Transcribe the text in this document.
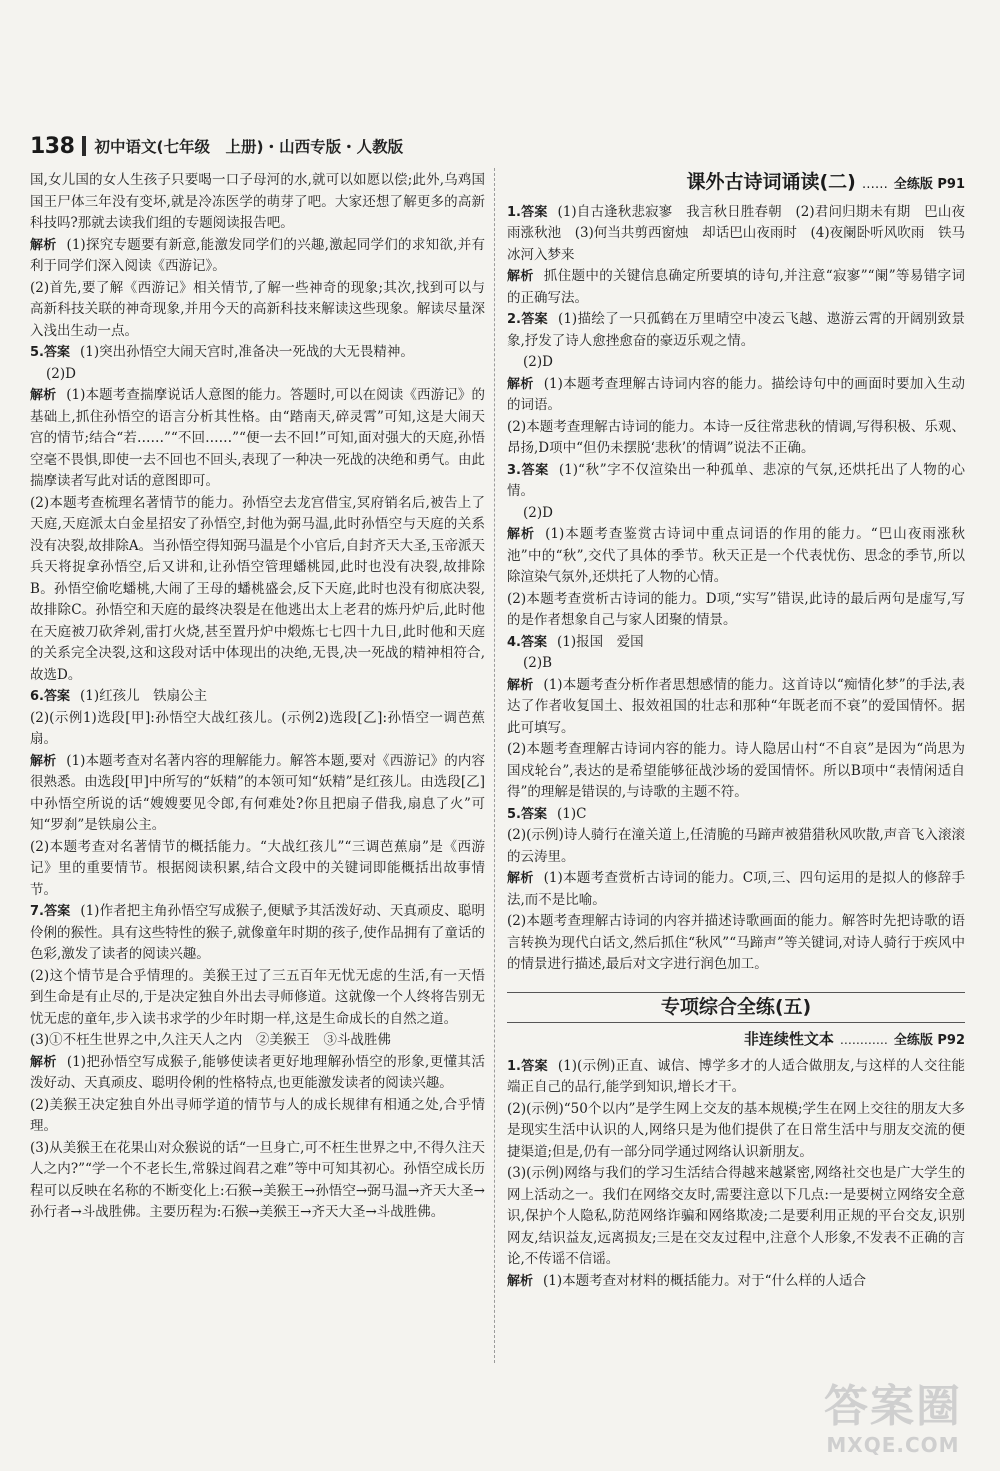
138 初中语文(七年级　上册)・山西专版・人教版

国,女儿国的女人生孩子只要喝一口子母河的水,就可以如愿以偿;此外,乌鸡国国王尸体三年没有变坏,就是冷冻医学的萌芽了吧。大家还想了解更多的高新科技吗?那就去读我们组的专题阅读报告吧。

解析 (1)探究专题要有新意,能激发同学们的兴趣,激起同学们的求知欲,并有利于同学们深入阅读《西游记》。

(2)首先,要了解《西游记》相关情节,了解一些神奇的现象;其次,找到可以与高新科技关联的神奇现象,并用今天的高新科技来解读这些现象。解读尽量深入浅出生动一点。

5.答案 (1)突出孙悟空大闹天宫时,准备决一死战的大无畏精神。

(2)D

解析 (1)本题考查揣摩说话人意图的能力。答题时,可以在阅读《西游记》的基础上,抓住孙悟空的语言分析其性格。由“踏南天,碎灵霄”可知,这是大闹天宫的情节;结合“若……”“不回……”“便一去不回!”可知,面对强大的天庭,孙悟空毫不畏惧,即使一去不回也不回头,表现了一种决一死战的决绝和勇气。由此揣摩读者写此对话的意图即可。

(2)本题考查梳理名著情节的能力。孙悟空去龙宫借宝,冥府销名后,被告上了天庭,天庭派太白金星招安了孙悟空,封他为弼马温,此时孙悟空与天庭的关系没有决裂,故排除A。当孙悟空得知弼马温是个小官后,自封齐天大圣,玉帝派天兵天将捉拿孙悟空,后又讲和,让孙悟空管理蟠桃园,此时也没有决裂,故排除B。孙悟空偷吃蟠桃,大闹了王母的蟠桃盛会,反下天庭,此时也没有彻底决裂,故排除C。孙悟空和天庭的最终决裂是在他逃出太上老君的炼丹炉后,此时他在天庭被刀砍斧剁,雷打火烧,甚至置丹炉中煅炼七七四十九日,此时他和天庭的关系完全决裂,这和这段对话中体现出的决绝,无畏,决一死战的精神相符合,故选D。

6.答案 (1)红孩儿　铁扇公主

(2)(示例1)选段[甲]:孙悟空大战红孩儿。(示例2)选段[乙]:孙悟空一调芭蕉扇。

解析 (1)本题考查对名著内容的理解能力。解答本题,要对《西游记》的内容很熟悉。由选段[甲]中所写的“妖精”的本领可知“妖精”是红孩儿。由选段[乙]中孙悟空所说的话“嫂嫂要见令郎,有何难处?你且把扇子借我,扇息了火”可知“罗刹”是铁扇公主。

(2)本题考查对名著情节的概括能力。“大战红孩儿”“三调芭蕉扇”是《西游记》里的重要情节。根据阅读积累,结合文段中的关键词即能概括出故事情节。

7.答案 (1)作者把主角孙悟空写成猴子,便赋予其活泼好动、天真顽皮、聪明伶俐的猴性。具有这些特性的猴子,就像童年时期的孩子,使作品拥有了童话的色彩,激发了读者的阅读兴趣。

(2)这个情节是合乎情理的。美猴王过了三五百年无忧无虑的生活,有一天悟到生命是有止尽的,于是决定独自外出去寻师修道。这就像一个人终将告别无忧无虑的童年,步入读书求学的少年时期一样,这是生命成长的自然之道。

(3)①不枉生世界之中,久注天人之内　②美猴王　③斗战胜佛

解析 (1)把孙悟空写成猴子,能够使读者更好地理解孙悟空的形象,更懂其活泼好动、天真顽皮、聪明伶俐的性格特点,也更能激发读者的阅读兴趣。

(2)美猴王决定独自外出寻师学道的情节与人的成长规律有相通之处,合乎情理。

(3)从美猴王在花果山对众猴说的话“一旦身亡,可不枉生世界之中,不得久注天人之内?”“学一个不老长生,常躲过阎君之难”等中可知其初心。孙悟空成长历程可以反映在名称的不断变化上:石猴→美猴王→孙悟空→弼马温→齐天大圣→孙行者→斗战胜佛。主要历程为:石猴→美猴王→齐天大圣→斗战胜佛。

课外古诗词诵读(二) …… 全练版 P91

1.答案 (1)自古逢秋悲寂寥　我言秋日胜春朝　(2)君问归期未有期　巴山夜雨涨秋池　(3)何当共剪西窗烛　却话巴山夜雨时　(4)夜阑卧听风吹雨　铁马冰河入梦来

解析 抓住题中的关键信息确定所要填的诗句,并注意“寂寥”“阑”等易错字词的正确写法。

2.答案 (1)描绘了一只孤鹤在万里晴空中凌云飞越、遨游云霄的开阔别致景象,抒发了诗人愈挫愈奋的豪迈乐观之情。

(2)D

解析 (1)本题考查理解古诗词内容的能力。描绘诗句中的画面时要加入生动的词语。

(2)本题考查理解古诗词的能力。本诗一反往常悲秋的情调,写得积极、乐观、昂扬,D项中“但仍未摆脱‘悲秋’的情调”说法不正确。

3.答案 (1)“秋”字不仅渲染出一种孤单、悲凉的气氛,还烘托出了人物的心情。

(2)D

解析 (1)本题考查鉴赏古诗词中重点词语的作用的能力。“巴山夜雨涨秋池”中的“秋”,交代了具体的季节。秋天正是一个代表忧伤、思念的季节,所以除渲染气氛外,还烘托了人物的心情。

(2)本题考查赏析古诗词的能力。D项,“实写”错误,此诗的最后两句是虚写,写的是作者想象自己与家人团聚的情景。

4.答案 (1)报国　爱国

(2)B

解析 (1)本题考查分析作者思想感情的能力。这首诗以“痴情化梦”的手法,表达了作者收复国土、报效祖国的壮志和那种“年既老而不衰”的爱国情怀。据此可填写。

(2)本题考查理解古诗词内容的能力。诗人隐居山村“不自哀”是因为“尚思为国戍轮台”,表达的是希望能够征战沙场的爱国情怀。所以B项中“表情闲适自得”的理解是错误的,与诗歌的主题不符。

5.答案 (1)C

(2)(示例)诗人骑行在潼关道上,任清脆的马蹄声被猎猎秋风吹散,声音飞入滚滚的云涛里。

解析 (1)本题考查赏析古诗词的能力。C项,三、四句运用的是拟人的修辞手法,而不是比喻。

(2)本题考查理解古诗词的内容并描述诗歌画面的能力。解答时先把诗歌的语言转换为现代白话文,然后抓住“秋风”“马蹄声”等关键词,对诗人骑行于疾风中的情景进行描述,最后对文字进行润色加工。

专项综合全练(五)
非连续性文本 ………… 全练版 P92

1.答案 (1)(示例)正直、诚信、博学多才的人适合做朋友,与这样的人交往能端正自己的品行,能学到知识,增长才干。

(2)(示例)“50个以内”是学生网上交友的基本规模;学生在网上交往的朋友大多是现实生活中认识的人,网络只是为他们提供了在日常生活中与朋友交流的便捷渠道;但是,仍有一部分同学通过网络认识新朋友。

(3)(示例)网络与我们的学习生活结合得越来越紧密,网络社交也是广大学生的网上活动之一。我们在网络交友时,需要注意以下几点:一是要树立网络安全意识,保护个人隐私,防范网络诈骗和网络欺凌;二是要利用正规的平台交友,识别网友,结识益友,远离损友;三是在交友过程中,注意个人形象,不发表不正确的言论,不传谣不信谣。

解析 (1)本题考查对材料的概括能力。对于“什么样的人适合

答案圈
MXQE.COM
